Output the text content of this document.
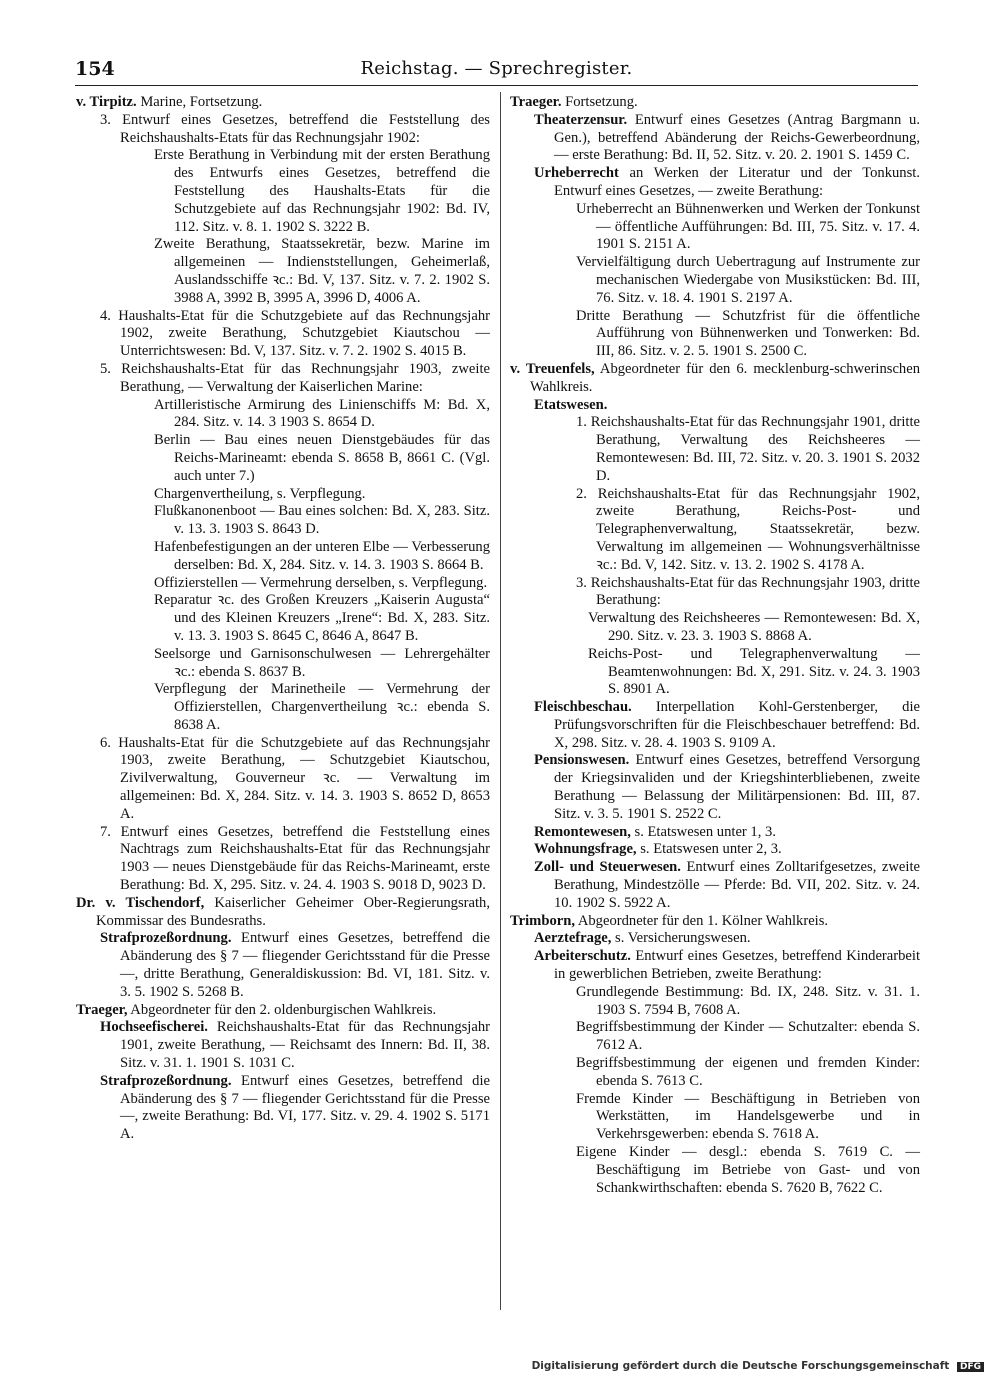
154	Reichstag. — Sprechregister.

v. Tirpitz. Marine, Fortsetzung.

3. Entwurf eines Gesetzes, betreffend die Feststellung des Reichshaushalts-Etats für das Rechnungsjahr 1902:

Erste Berathung in Verbindung mit der ersten Berathung des Entwurfs eines Gesetzes, betreffend die Feststellung des Haushalts-Etats für die Schutzgebiete auf das Rechnungsjahr 1902: Bd. IV, 112. Sitz. v. 8. 1. 1902 S. 3222 B.

Zweite Berathung, Staatssekretär, bezw. Marine im allgemeinen — Indienststellungen, Geheimerlaß, Auslandsschiffe ꝛc.: Bd. V, 137. Sitz. v. 7. 2. 1902 S. 3988 A, 3992 B, 3995 A, 3996 D, 4006 A.

4. Haushalts-Etat für die Schutzgebiete auf das Rechnungsjahr 1902, zweite Berathung, Schutzgebiet Kiautschou — Unterrichtswesen: Bd. V, 137. Sitz. v. 7. 2. 1902 S. 4015 B.

5. Reichshaushalts-Etat für das Rechnungsjahr 1903, zweite Berathung, — Verwaltung der Kaiserlichen Marine:

Artilleristische Armirung des Linienschiffs M: Bd. X, 284. Sitz. v. 14. 3 1903 S. 8654 D.

Berlin — Bau eines neuen Dienstgebäudes für das Reichs-Marineamt: ebenda S. 8658 B, 8661 C. (Vgl. auch unter 7.)

Chargenvertheilung, s. Verpflegung.

Flußkanonenboot — Bau eines solchen: Bd. X, 283. Sitz. v. 13. 3. 1903 S. 8643 D.

Hafenbefestigungen an der unteren Elbe — Verbesserung derselben: Bd. X, 284. Sitz. v. 14. 3. 1903 S. 8664 B.

Offizierstellen — Vermehrung derselben, s. Verpflegung.

Reparatur ꝛc. des Großen Kreuzers „Kaiserin Augusta“ und des Kleinen Kreuzers „Irene“: Bd. X, 283. Sitz. v. 13. 3. 1903 S. 8645 C, 8646 A, 8647 B.

Seelsorge und Garnisonschulwesen — Lehrergehälter ꝛc.: ebenda S. 8637 B.

Verpflegung der Marinetheile — Vermehrung der Offizierstellen, Chargenvertheilung ꝛc.: ebenda S. 8638 A.

6. Haushalts-Etat für die Schutzgebiete auf das Rechnungsjahr 1903, zweite Berathung, — Schutzgebiet Kiautschou, Zivilverwaltung, Gouverneur ꝛc. — Verwaltung im allgemeinen: Bd. X, 284. Sitz. v. 14. 3. 1903 S. 8652 D, 8653 A.

7. Entwurf eines Gesetzes, betreffend die Feststellung eines Nachtrags zum Reichshaushalts-Etat für das Rechnungsjahr 1903 — neues Dienstgebäude für das Reichs-Marineamt, erste Berathung: Bd. X, 295. Sitz. v. 24. 4. 1903 S. 9018 D, 9023 D.

Dr. v. Tischendorf, Kaiserlicher Geheimer Ober-Regierungsrath, Kommissar des Bundesraths.

Strafprozeßordnung. Entwurf eines Gesetzes, betreffend die Abänderung des § 7 — fliegender Gerichtsstand für die Presse —, dritte Berathung, Generaldiskussion: Bd. VI, 181. Sitz. v. 3. 5. 1902 S. 5268 B.

Traeger, Abgeordneter für den 2. oldenburgischen Wahlkreis.

Hochseefischerei. Reichshaushalts-Etat für das Rechnungsjahr 1901, zweite Berathung, — Reichsamt des Innern: Bd. II, 38. Sitz. v. 31. 1. 1901 S. 1031 C.

Strafprozeßordnung. Entwurf eines Gesetzes, betreffend die Abänderung des § 7 — fliegender Gerichtsstand für die Presse —, zweite Berathung: Bd. VI, 177. Sitz. v. 29. 4. 1902 S. 5171 A.

Traeger. Fortsetzung.

Theaterzensur. Entwurf eines Gesetzes (Antrag Bargmann u. Gen.), betreffend Abänderung der Reichs-Gewerbeordnung, — erste Berathung: Bd. II, 52. Sitz. v. 20. 2. 1901 S. 1459 C.

Urheberrecht an Werken der Literatur und der Tonkunst. Entwurf eines Gesetzes, — zweite Berathung:

Urheberrecht an Bühnenwerken und Werken der Tonkunst — öffentliche Aufführungen: Bd. III, 75. Sitz. v. 17. 4. 1901 S. 2151 A.

Vervielfältigung durch Uebertragung auf Instrumente zur mechanischen Wiedergabe von Musikstücken: Bd. III, 76. Sitz. v. 18. 4. 1901 S. 2197 A.

Dritte Berathung — Schutzfrist für die öffentliche Aufführung von Bühnenwerken und Tonwerken: Bd. III, 86. Sitz. v. 2. 5. 1901 S. 2500 C.

v. Treuenfels, Abgeordneter für den 6. mecklenburg-schwerinschen Wahlkreis.

Etatswesen.

1. Reichshaushalts-Etat für das Rechnungsjahr 1901, dritte Berathung, Verwaltung des Reichsheeres — Remontewesen: Bd. III, 72. Sitz. v. 20. 3. 1901 S. 2032 D.

2. Reichshaushalts-Etat für das Rechnungsjahr 1902, zweite Berathung, Reichs-Post- und Telegraphenverwaltung, Staatssekretär, bezw. Verwaltung im allgemeinen — Wohnungsverhältnisse ꝛc.: Bd. V, 142. Sitz. v. 13. 2. 1902 S. 4178 A.

3. Reichshaushalts-Etat für das Rechnungsjahr 1903, dritte Berathung:

Verwaltung des Reichsheeres — Remontewesen: Bd. X, 290. Sitz. v. 23. 3. 1903 S. 8868 A.

Reichs-Post- und Telegraphenverwaltung — Beamtenwohnungen: Bd. X, 291. Sitz. v. 24. 3. 1903 S. 8901 A.

Fleischbeschau. Interpellation Kohl-Gerstenberger, die Prüfungsvorschriften für die Fleischbeschauer betreffend: Bd. X, 298. Sitz. v. 28. 4. 1903 S. 9109 A.

Pensionswesen. Entwurf eines Gesetzes, betreffend Versorgung der Kriegsinvaliden und der Kriegshinterbliebenen, zweite Berathung — Belassung der Militärpensionen: Bd. III, 87. Sitz. v. 3. 5. 1901 S. 2522 C.

Remontewesen, s. Etatswesen unter 1, 3.

Wohnungsfrage, s. Etatswesen unter 2, 3.

Zoll- und Steuerwesen. Entwurf eines Zolltarifgesetzes, zweite Berathung, Mindestzölle — Pferde: Bd. VII, 202. Sitz. v. 24. 10. 1902 S. 5922 A.

Trimborn, Abgeordneter für den 1. Kölner Wahlkreis.

Aerztefrage, s. Versicherungswesen.

Arbeiterschutz. Entwurf eines Gesetzes, betreffend Kinderarbeit in gewerblichen Betrieben, zweite Berathung:

Grundlegende Bestimmung: Bd. IX, 248. Sitz. v. 31. 1. 1903 S. 7594 B, 7608 A.

Begriffsbestimmung der Kinder — Schutzalter: ebenda S. 7612 A.

Begriffsbestimmung der eigenen und fremden Kinder: ebenda S. 7613 C.

Fremde Kinder — Beschäftigung in Betrieben von Werkstätten, im Handelsgewerbe und in Verkehrsgewerben: ebenda S. 7618 A.

Eigene Kinder — desgl.: ebenda S. 7619 C. — Beschäftigung im Betriebe von Gast- und von Schankwirthschaften: ebenda S. 7620 B, 7622 C.

Digitalisierung gefördert durch die Deutsche Forschungsgemeinschaft DFG
